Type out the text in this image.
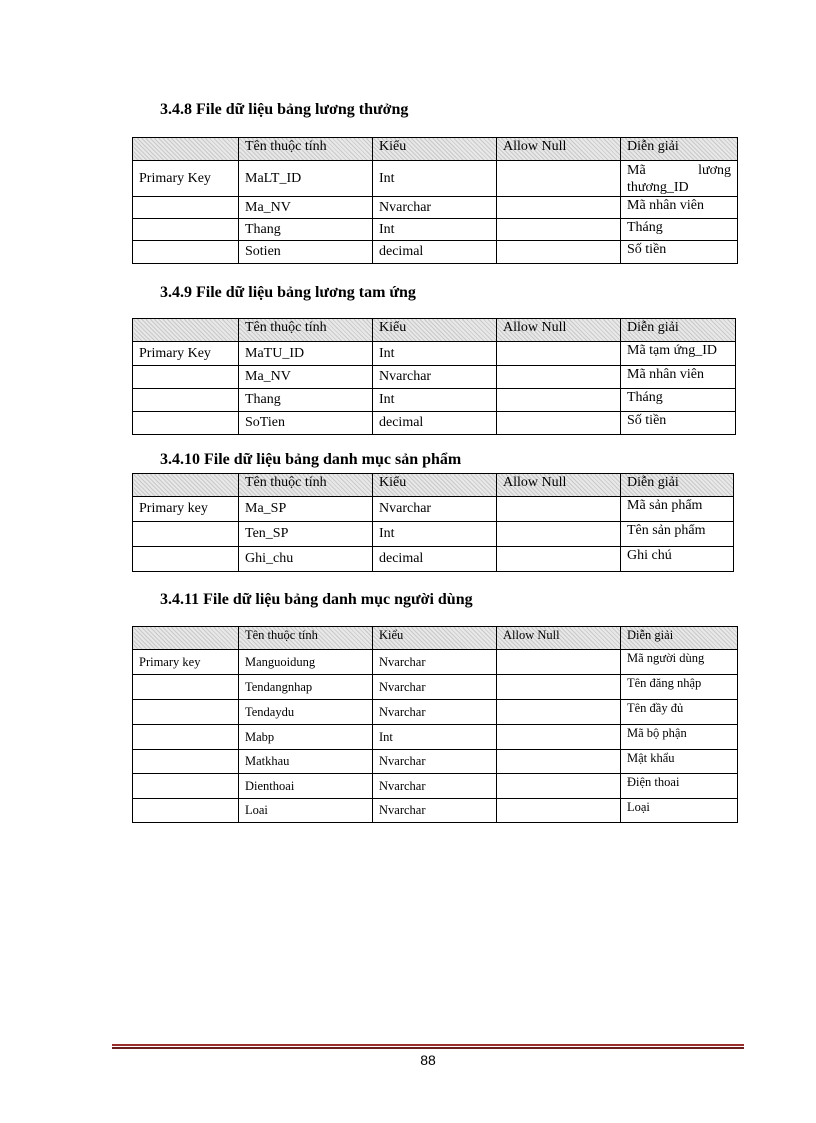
3.4.8 File dữ liệu bảng lương thưởng
	Tên thuộc tính	Kiểu	Allow Null	Diễn giải
Primary Key	MaLT_ID	Int		Mã lương
thương_ID

	Ma_NV	Nvarchar		Mã nhân viên
	Thang	Int		Tháng
	Sotien	decimal		Số tiền
3.4.9 File dữ liệu bảng lương tam ứng
	Tên thuộc tính	Kiểu	Allow Null	Diễn giải
Primary Key	MaTU_ID	Int		Mã tạm ứng_ID
	Ma_NV	Nvarchar		Mã nhân viên
	Thang	Int		Tháng
	SoTien	decimal		Số tiền
3.4.10 File dữ liệu bảng danh mục sản phẩm
	Tên thuộc tính	Kiểu	Allow Null	Diễn giải
Primary key	Ma_SP	Nvarchar		Mã sản phẩm
	Ten_SP	Int		Tên sản phẩm
	Ghi_chu	decimal		Ghi chú
3.4.11 File dữ liệu bảng danh mục người dùng
	Tên thuộc tính	Kiểu	Allow Null	Diễn giải
Primary key	Manguoidung	Nvarchar		Mã người dùng
	Tendangnhap	Nvarchar		Tên đăng nhập
	Tendaydu	Nvarchar		Tên đầy đủ
	Mabp	Int		Mã bộ phận
	Matkhau	Nvarchar		Mật khẩu
	Dienthoai	Nvarchar		Điện thoai
	Loai	Nvarchar		Loại
88
